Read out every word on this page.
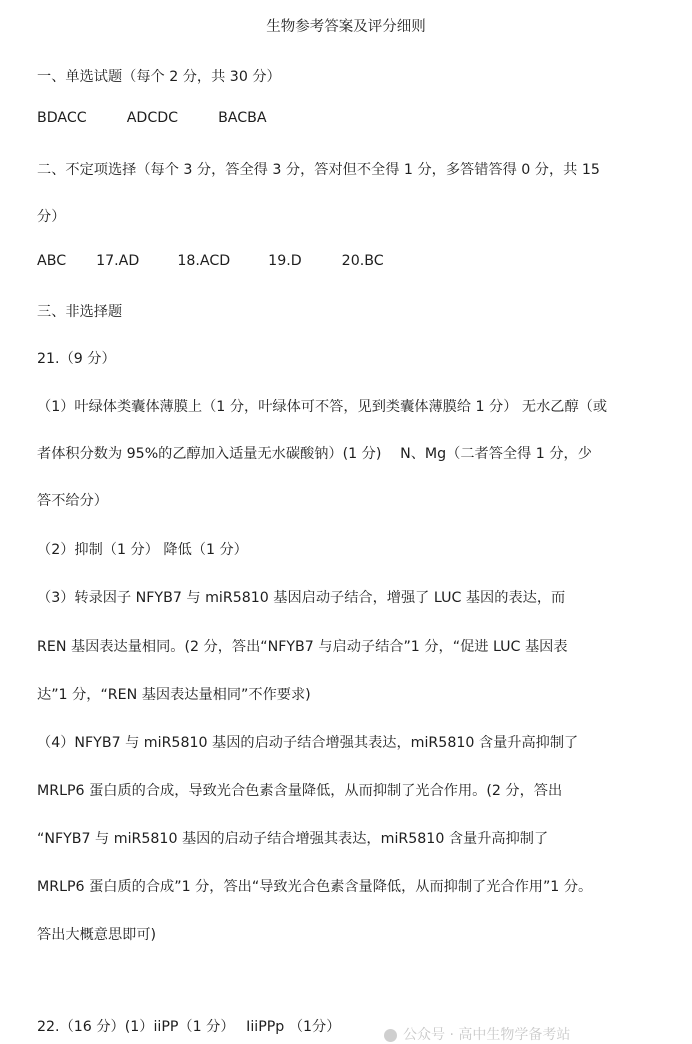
生物参考答案及评分细则
一、单选试题（每个 2 分，共 30 分）
BDACC	ADCDC	BACBA
二、不定项选择（每个 3 分，答全得 3 分，答对但不全得 1 分，多答错答得 0 分，共 15
分）
ABC 17.AD	18.ACD	19.D	20.BC
三、非选择题
21.（9 分）
（1）叶绿体类囊体薄膜上（1 分，叶绿体可不答，见到类囊体薄膜给 1 分） 无水乙醇（或
者体积分数为 95%的乙醇加入适量无水碳酸钠）(1 分)　 N、Mg（二者答全得 1 分，少
答不给分）
（2）抑制（1 分） 降低（1 分）
（3）转录因子 NFYB7 与 miR5810 基因启动子结合，增强了 LUC 基因的表达，而
REN 基因表达量相同。(2 分，答出“NFYB7 与启动子结合”1 分，“促进 LUC 基因表
达”1 分，“REN 基因表达量相同”不作要求)
（4）NFYB7 与 miR5810 基因的启动子结合增强其表达，miR5810 含量升高抑制了
MRLP6 蛋白质的合成，导致光合色素含量降低，从而抑制了光合作用。(2 分，答出
“NFYB7 与 miR5810 基因的启动子结合增强其表达，miR5810 含量升高抑制了
MRLP6 蛋白质的合成”1 分，答出“导致光合色素含量降低，从而抑制了光合作用”1 分。
答出大概意思即可)
22.（16 分）(1）iiPP（1 分）　 IiiPPp （1分）	公众号 · 高中生物学备考站
